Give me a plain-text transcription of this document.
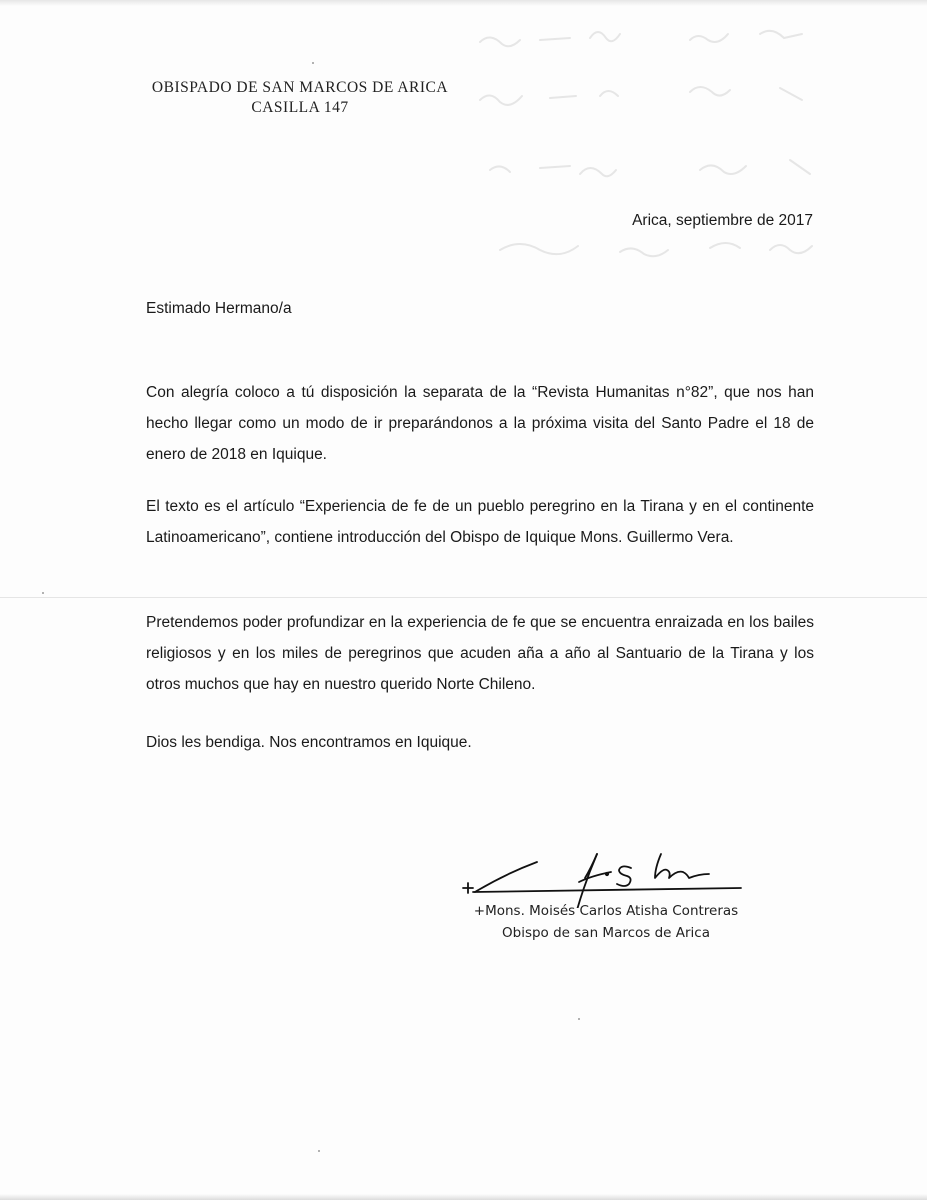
OBISPADO DE SAN MARCOS DE ARICA
CASILLA 147
Arica, septiembre de 2017
Estimado Hermano/a
Con alegría coloco a tú disposición la separata de la “Revista Humanitas n°82”, que nos han hecho llegar como un modo de ir preparándonos a la próxima visita del Santo Padre el 18 de enero de 2018 en Iquique.
El texto es el artículo “Experiencia de fe de un pueblo peregrino en la Tirana y en el continente Latinoamericano”, contiene introducción del Obispo de Iquique Mons. Guillermo Vera.
Pretendemos poder profundizar en la experiencia de fe que se encuentra enraizada en los bailes religiosos y en los miles de peregrinos que acuden aña a año al Santuario de la Tirana y los otros muchos que hay en nuestro querido Norte Chileno.
Dios les bendiga. Nos encontramos en Iquique.
+Mons. Moisés Carlos Atisha Contreras
Obispo de san Marcos de Arica
